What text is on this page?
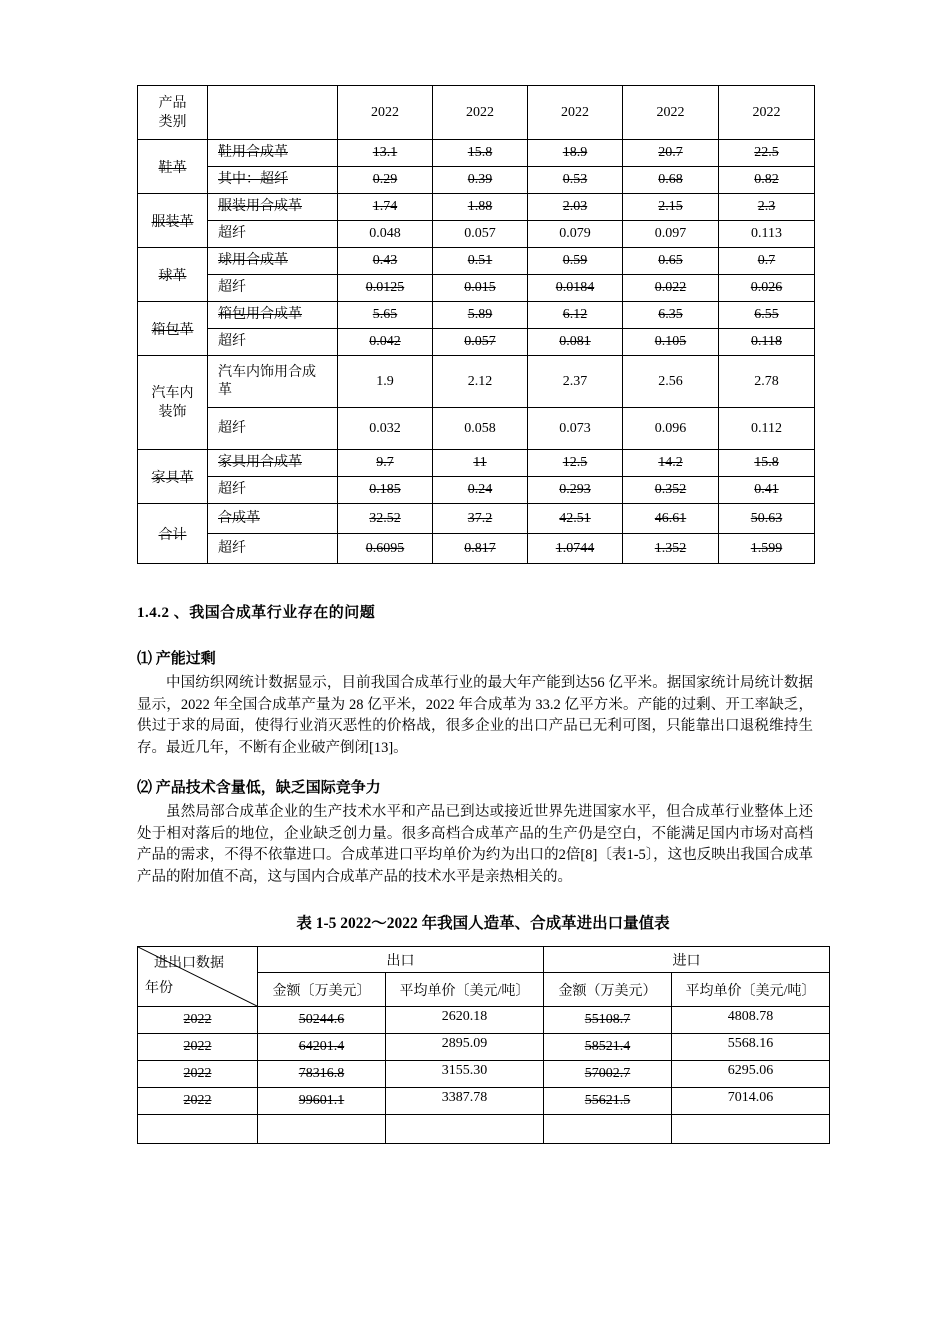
产品类别		2022	2022	2022	2022	2022
鞋革	鞋用合成革	13.1	15.8	18.9	20.7	22.5
	其中：超纤	0.29	0.39	0.53	0.68	0.82
服装革	服装用合成革	1.74	1.88	2.03	2.15	2.3
	超纤	0.048	0.057	0.079	0.097	0.113
球革	球用合成革	0.43	0.51	0.59	0.65	0.7
	超纤	0.0125	0.015	0.0184	0.022	0.026
箱包革	箱包用合成革	5.65	5.89	6.12	6.35	6.55
	超纤	0.042	0.057	0.081	0.105	0.118
汽车内装饰	汽车内饰用合成革	1.9	2.12	2.37	2.56	2.78
	超纤	0.032	0.058	0.073	0.096	0.112
家具革	家具用合成革	9.7	11	12.5	14.2	15.8
	超纤	0.185	0.24	0.293	0.352	0.41
合计	合成革	32.52	37.2	42.51	46.61	50.63
	超纤	0.6095	0.817	1.0744	1.352	1.599
1.4.2 、我国合成革行业存在的问题
⑴ 产能过剩
中国纺织网统计数据显示，目前我国合成革行业的最大年产能到达56 亿平米。据国家统计局统计数据显示，2022 年全国合成革产量为 28 亿平米，2022 年合成革为 33.2 亿平方米。产能的过剩、开工率缺乏，供过于求的局面，使得行业消灭恶性的价格战，很多企业的出口产品已无利可图，只能靠出口退税维持生存。最近几年，不断有企业破产倒闭[13]。
⑵ 产品技术含量低，缺乏国际竞争力
虽然局部合成革企业的生产技术水平和产品已到达或接近世界先进国家水平，但合成革行业整体上还处于相对落后的地位，企业缺乏创力量。很多高档合成革产品的生产仍是空白，不能满足国内市场对高档产品的需求，不得不依靠进口。合成革进口平均单价为约为出口的2倍[8]〔表1-5〕，这也反映出我国合成革产品的附加值不高，这与国内合成革产品的技术水平是亲热相关的。
表 1-5 2022～2022 年我国人造革、合成革进出口量值表
进出口数据
年份	出口		进口	
	金额〔万美元〕	平均单价〔美元/吨〕	金额（万美元）	平均单价〔美元/吨〕
2022	50244.6	2620.18	55108.7	4808.78
2022	64201.4	2895.09	58521.4	5568.16
2022	78316.8	3155.30	57002.7	6295.06
2022	99601.1	3387.78	55621.5	7014.06
